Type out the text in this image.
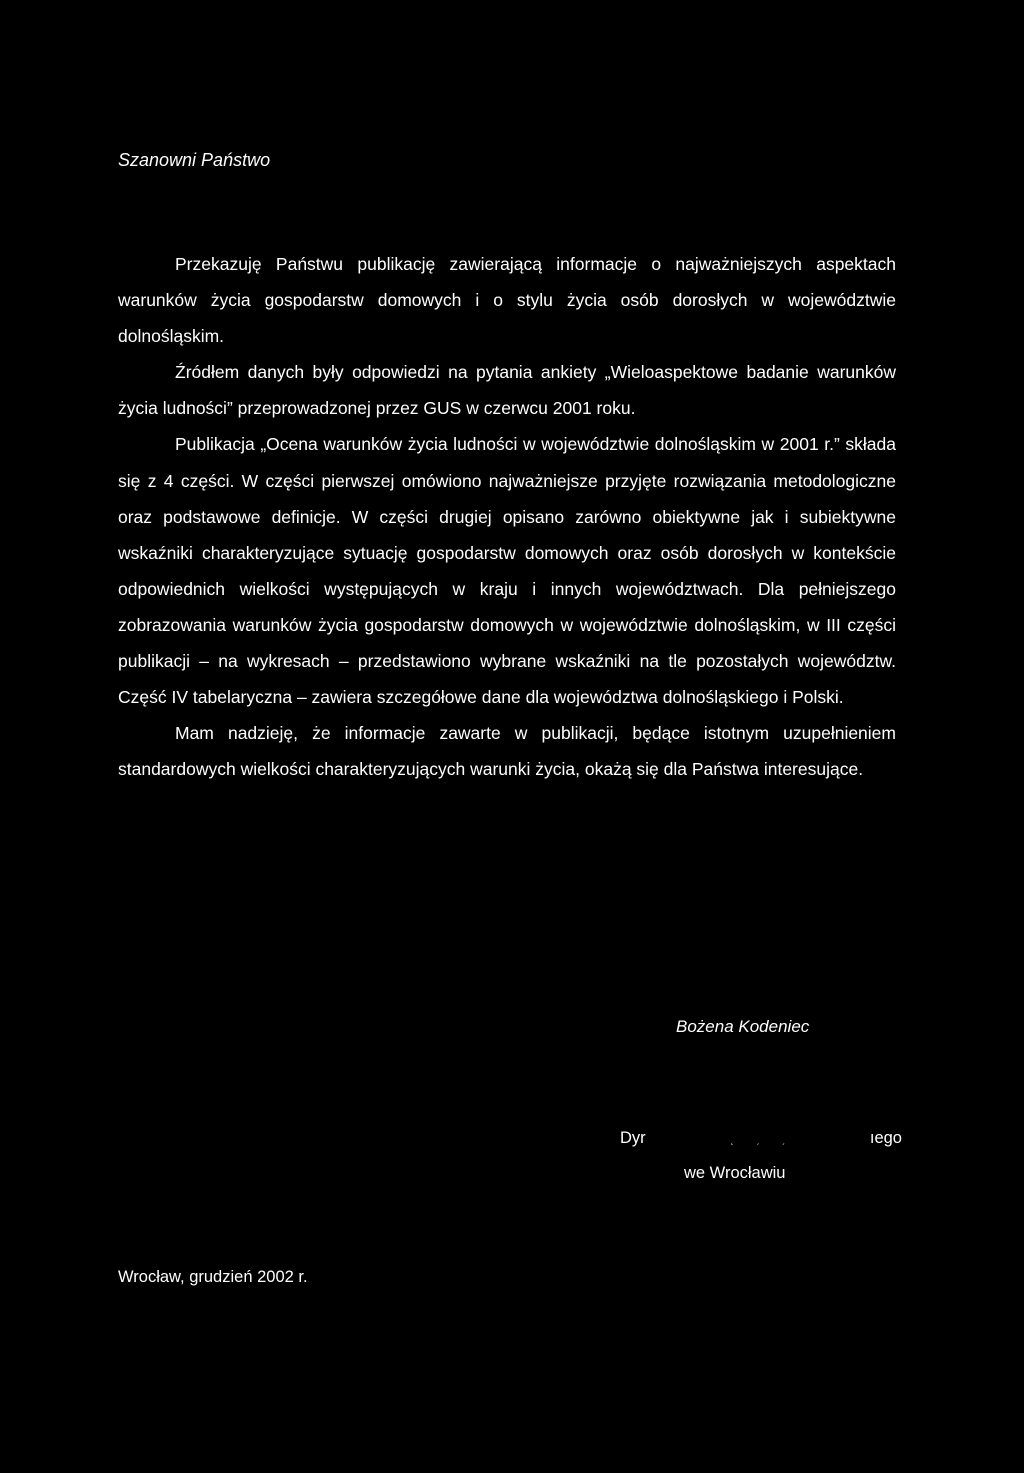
Szanowni Państwo

Przekazuję Państwu publikację zawierającą informacje o najważniejszych aspektach warunków życia gospodarstw domowych i o stylu życia osób dorosłych w województwie dolnośląskim.

Źródłem danych były odpowiedzi na pytania ankiety „Wieloaspektowe badanie warunków życia ludności” przeprowadzonej przez GUS w czerwcu 2001 roku.

Publikacja „Ocena warunków życia ludności w województwie dolnośląskim w 2001 r.” składa się z 4 części. W części pierwszej omówiono najważniejsze przyjęte rozwiązania metodologiczne oraz podstawowe definicje. W części drugiej opisano zarówno obiektywne jak i subiektywne wskaźniki charakteryzujące sytuację gospodarstw domowych oraz osób dorosłych w kontekście odpowiednich wielkości występujących w kraju i innych województwach. Dla pełniejszego zobrazowania warunków życia gospodarstw domowych w województwie dolnośląskim, w III części publikacji – na wykresach – przedstawiono wybrane wskaźniki na tle pozostałych województw. Część IV tabelaryczna – zawiera szczegółowe dane dla województwa dolnośląskiego i Polski.

Mam nadzieję, że informacje zawarte w publikacji, będące istotnym uzupełnieniem standardowych wielkości charakteryzujących warunki życia, okażą się dla Państwa interesujące.

Bożena Kodeniec

Dyr	˛ ˏ ˏ	ıego
we Wrocławiu

Wrocław, grudzień 2002 r.
